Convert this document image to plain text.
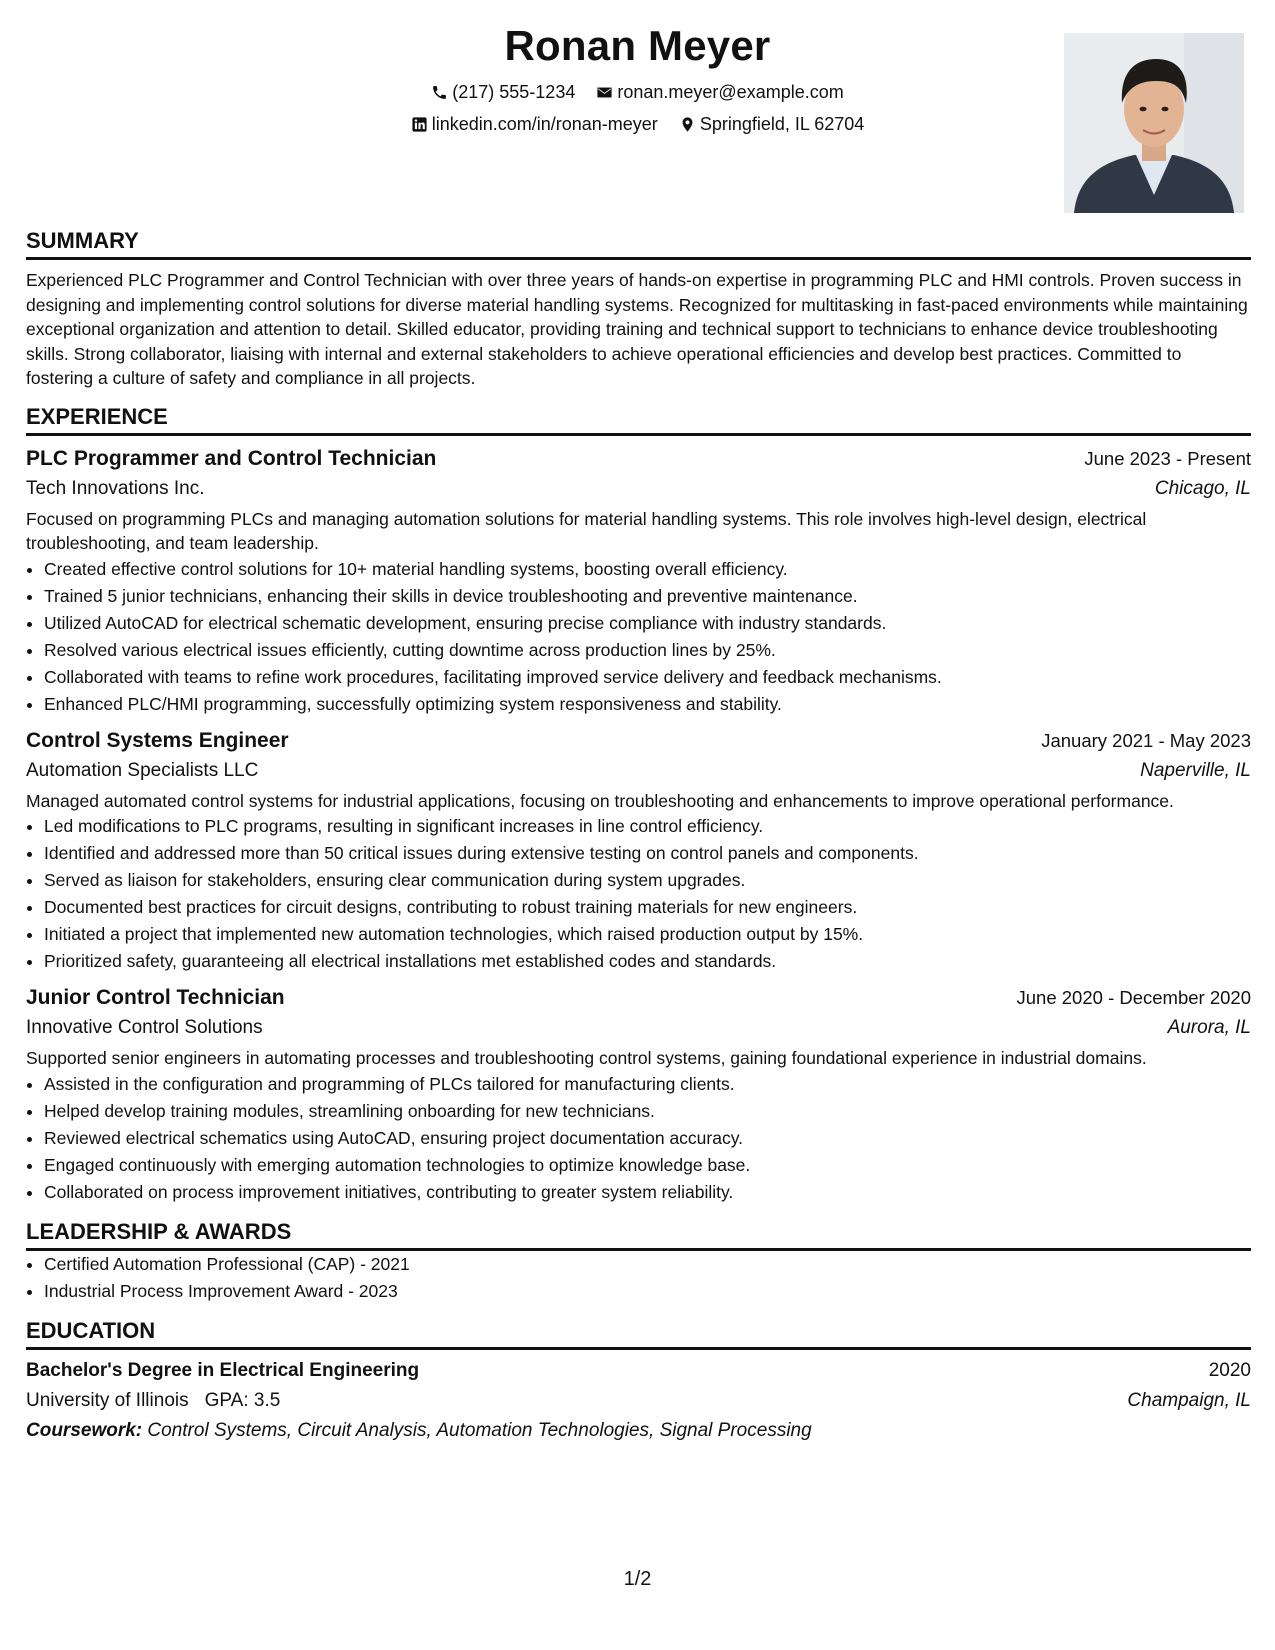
Ronan Meyer
(217) 555-1234
ronan.meyer@example.com
linkedin.com/in/ronan-meyer
Springfield, IL 62704
SUMMARY

Experienced PLC Programmer and Control Technician with over three years of hands-on expertise in programming PLC and HMI controls. Proven success in designing and implementing control solutions for diverse material handling systems. Recognized for multitasking in fast-paced environments while maintaining exceptional organization and attention to detail. Skilled educator, providing training and technical support to technicians to enhance device troubleshooting skills. Strong collaborator, liaising with internal and external stakeholders to achieve operational efficiencies and develop best practices. Committed to fostering a culture of safety and compliance in all projects.

EXPERIENCE
PLC Programmer and Control Technician	June 2023 - Present
Tech Innovations Inc.	Chicago, IL

Focused on programming PLCs and managing automation solutions for material handling systems. This role involves high-level design, electrical troubleshooting, and team leadership.

• Created effective control solutions for 10+ material handling systems, boosting overall efficiency.
• Trained 5 junior technicians, enhancing their skills in device troubleshooting and preventive maintenance.
• Utilized AutoCAD for electrical schematic development, ensuring precise compliance with industry standards.
• Resolved various electrical issues efficiently, cutting downtime across production lines by 25%.
• Collaborated with teams to refine work procedures, facilitating improved service delivery and feedback mechanisms.
• Enhanced PLC/HMI programming, successfully optimizing system responsiveness and stability.
Control Systems Engineer	January 2021 - May 2023
Automation Specialists LLC	Naperville, IL

Managed automated control systems for industrial applications, focusing on troubleshooting and enhancements to improve operational performance.

• Led modifications to PLC programs, resulting in significant increases in line control efficiency.
• Identified and addressed more than 50 critical issues during extensive testing on control panels and components.
• Served as liaison for stakeholders, ensuring clear communication during system upgrades.
• Documented best practices for circuit designs, contributing to robust training materials for new engineers.
• Initiated a project that implemented new automation technologies, which raised production output by 15%.
• Prioritized safety, guaranteeing all electrical installations met established codes and standards.
Junior Control Technician	June 2020 - December 2020
Innovative Control Solutions	Aurora, IL

Supported senior engineers in automating processes and troubleshooting control systems, gaining foundational experience in industrial domains.

• Assisted in the configuration and programming of PLCs tailored for manufacturing clients.
• Helped develop training modules, streamlining onboarding for new technicians.
• Reviewed electrical schematics using AutoCAD, ensuring project documentation accuracy.
• Engaged continuously with emerging automation technologies to optimize knowledge base.
• Collaborated on process improvement initiatives, contributing to greater system reliability.
LEADERSHIP & AWARDS
• Certified Automation Professional (CAP) - 2021
• Industrial Process Improvement Award - 2023
EDUCATION
Bachelor's Degree in Electrical Engineering	2020
University of Illinois GPA: 3.5	Champaign, IL
Coursework: Control Systems, Circuit Analysis, Automation Technologies, Signal Processing
1/2
